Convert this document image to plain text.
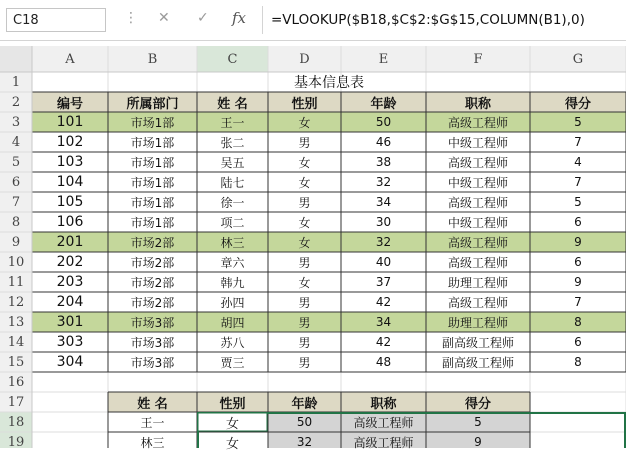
C18	⋮ ✕ ✓ fx	=VLOOKUP($B18,$C$2:$G$15,COLUMN(B1),0)
A	B	C	D	E	F	G
1
2
3
4
5
6
7
8
9
10
11
12
13
14
15
16
17
18
19
基本信息表
编号	所属部门	姓 名	性别	年龄	职称	得分
101	市场1部	王一	女	50	高级工程师	5
102	市场1部	张二	男	46	中级工程师	7
103	市场1部	吴五	女	38	高级工程师	4
104	市场1部	陆七	女	32	中级工程师	7
105	市场1部	徐一	男	34	高级工程师	5
106	市场1部	项二	女	30	中级工程师	6
201	市场2部	林三	女	32	高级工程师	9
202	市场2部	章六	男	40	高级工程师	6
203	市场2部	韩九	女	37	助理工程师	9
204	市场2部	孙四	男	42	高级工程师	7
301	市场3部	胡四	男	34	助理工程师	8
303	市场3部	苏八	男	42	副高级工程师	6
304	市场3部	贾三	男	48	副高级工程师	8
姓 名	性别	年龄	职称	得分
王一	女	50	高级工程师	5
林三	女	32	高级工程师	9
